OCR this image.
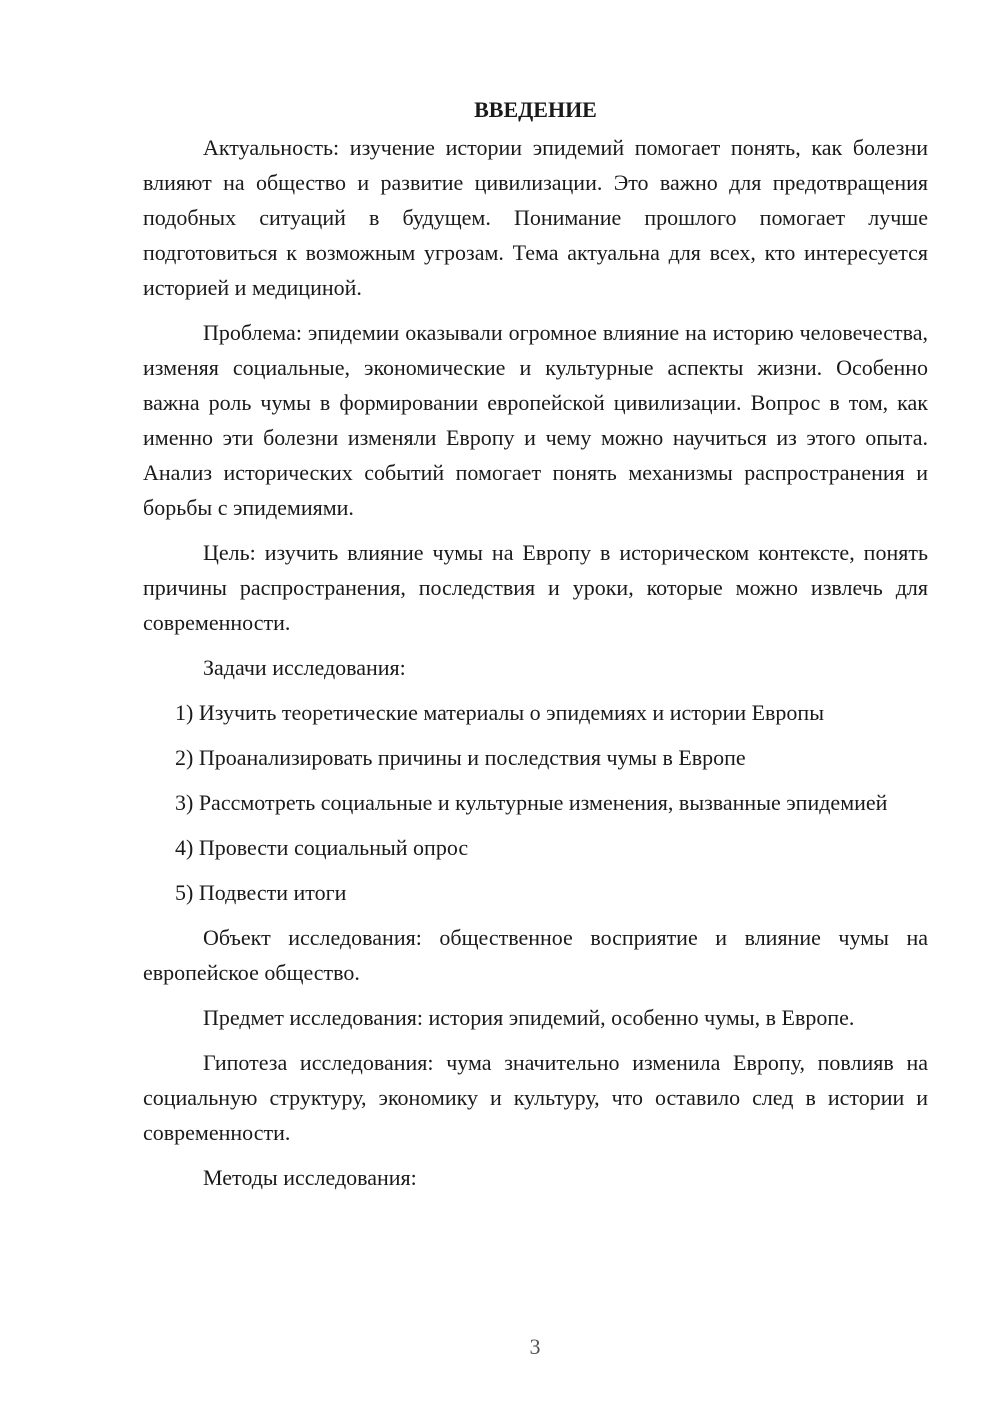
ВВЕДЕНИЕ

Актуальность: изучение истории эпидемий помогает понять, как болезни влияют на общество и развитие цивилизации. Это важно для предотвращения подобных ситуаций в будущем. Понимание прошлого помогает лучше подготовиться к возможным угрозам. Тема актуальна для всех, кто интересуется историей и медициной.

Проблема: эпидемии оказывали огромное влияние на историю человечества, изменяя социальные, экономические и культурные аспекты жизни. Особенно важна роль чумы в формировании европейской цивилизации. Вопрос в том, как именно эти болезни изменяли Европу и чему можно научиться из этого опыта. Анализ исторических событий помогает понять механизмы распространения и борьбы с эпидемиями.

Цель: изучить влияние чумы на Европу в историческом контексте, понять причины распространения, последствия и уроки, которые можно извлечь для современности.

Задачи исследования:

1) Изучить теоретические материалы о эпидемиях и истории Европы

2) Проанализировать причины и последствия чумы в Европе

3) Рассмотреть социальные и культурные изменения, вызванные эпидемией

4) Провести социальный опрос

5) Подвести итоги

Объект исследования: общественное восприятие и влияние чумы на европейское общество.

Предмет исследования: история эпидемий, особенно чумы, в Европе.

Гипотеза исследования: чума значительно изменила Европу, повлияв на социальную структуру, экономику и культуру, что оставило след в истории и современности.

Методы исследования:

3
